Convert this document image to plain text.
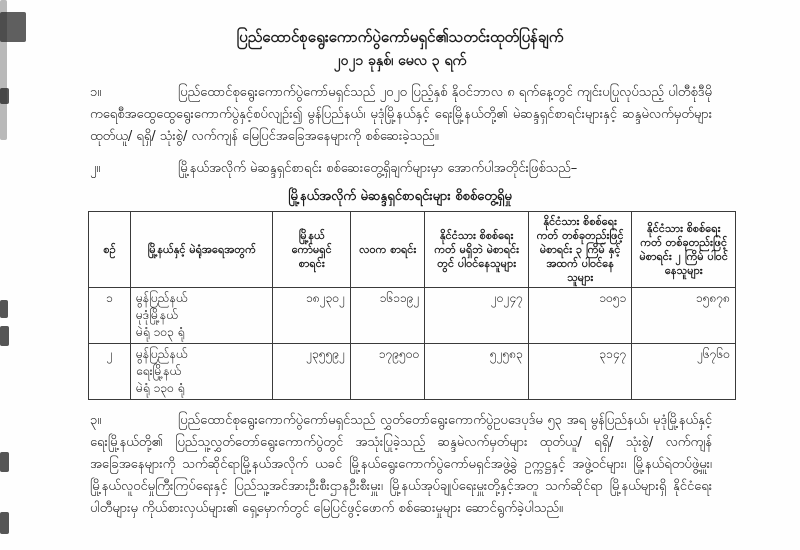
ပြည်ထောင်စုရွေးကောက်ပွဲကော်မရှင်၏သတင်းထုတ်ပြန်ချက်
၂၀၂၁ ခုနှစ်၊ မေလ ၃ ရက်

၁။	ပြည်ထောင်စုရွေးကောက်ပွဲကော်မရှင်သည် ၂၀၂၀ ပြည့်နှစ် နိုဝင်ဘာလ ၈ ရက်နေ့တွင် ကျင်းပပြုလုပ်သည့် ပါတီစုံဒီမိုကရေစီအထွေထွေရွေးကောက်ပွဲနှင့်စပ်လျဉ်း၍ မွန်ပြည်နယ်၊ မုဒုံမြို့နယ်နှင့် ရေးမြို့နယ်တို့၏ မဲဆန္ဒရှင်စာရင်းများနှင့် ဆန္ဒမဲလက်မှတ်များ ထုတ်ယူ/ ရရှိ/ သုံးစွဲ/ လက်ကျန် မြေပြင်အခြေအနေများကို စစ်ဆေးခဲ့သည်။

၂။	မြို့နယ်အလိုက် မဲဆန္ဒရှင်စာရင်း စစ်ဆေးတွေ့ရှိချက်များမှာ အောက်ပါအတိုင်းဖြစ်သည်–

မြို့နယ်အလိုက် မဲဆန္ဒရှင်စာရင်းများ စိစစ်တွေ့ရှိမှု
စဉ်	မြို့နယ်နှင့် မဲရုံအရေအတွက်	မြို့နယ် ကော်မရှင် စာရင်း	လဝက စာရင်း	နိုင်ငံသား စိစစ်ရေးကတ် မရှိဘဲ မဲစာရင်းတွင် ပါဝင်နေသူများ	နိုင်ငံသား စိစစ်ရေးကတ် တစ်ခုတည်းဖြင့် မဲစာရင်း ၃ ကြိမ် နှင့် အထက် ပါဝင်နေသူများ	နိုင်ငံသား စိစစ်ရေးကတ် တစ်ခုတည်းဖြင့် မဲစာရင်း ၂ ကြိမ် ပါဝင်နေသူများ
၁	မွန်ပြည်နယ်
မုဒုံမြို့နယ်
မဲရုံ ၁၀၃ ရုံ	၁၈၂၃၀၂	၁၆၁၁၉၂	၂၀၂၄၇	၁၀၅၁	၁၅၈၇၈
၂	မွန်ပြည်နယ်
ရေးမြို့နယ်
မဲရုံ ၁၃၀ ရုံ	၂၃၅၅၉၂	၁၇၉၅၀၀	၅၂၅၈၃	၃၁၄၇	၂၆၇၆၀

၃။	ပြည်ထောင်စုရွေးကောက်ပွဲကော်မရှင်သည် လွှတ်တော်ရွေးကောက်ပွဲဥပဒေပုဒ်မ ၅၃ အရ မွန်ပြည်နယ်၊ မုဒုံမြို့နယ်နှင့် ရေးမြို့နယ်တို့၏ ပြည်သူ့လွှတ်တော်ရွေးကောက်ပွဲတွင် အသုံးပြုခဲ့သည့် ဆန္ဒမဲလက်မှတ်များ ထုတ်ယူ/ ရရှိ/ သုံးစွဲ/ လက်ကျန် အခြေအနေများကို သက်ဆိုင်ရာမြို့နယ်အလိုက် ယခင် မြို့နယ်ရွေးကောက်ပွဲကော်မရှင်အဖွဲ့ခွဲ ဥက္ကဋ္ဌနှင့် အဖွဲ့ဝင်များ၊ မြို့နယ်ရဲတပ်ဖွဲ့မှူး၊ မြို့နယ်လူဝင်မှုကြီးကြပ်ရေးနှင့် ပြည်သူ့အင်အားဦးစီးဌာနဦးစီးမှူး၊ မြို့နယ်အုပ်ချုပ်ရေးမှူးတို့နှင့်အတူ သက်ဆိုင်ရာ မြို့နယ်များရှိ နိုင်ငံရေးပါတီများမှ ကိုယ်စားလှယ်များ၏ ရှေ့မှောက်တွင် မြေပြင်ဖွင့်ဖောက် စစ်ဆေးမှုများ ဆောင်ရွက်ခဲ့ပါသည်။
